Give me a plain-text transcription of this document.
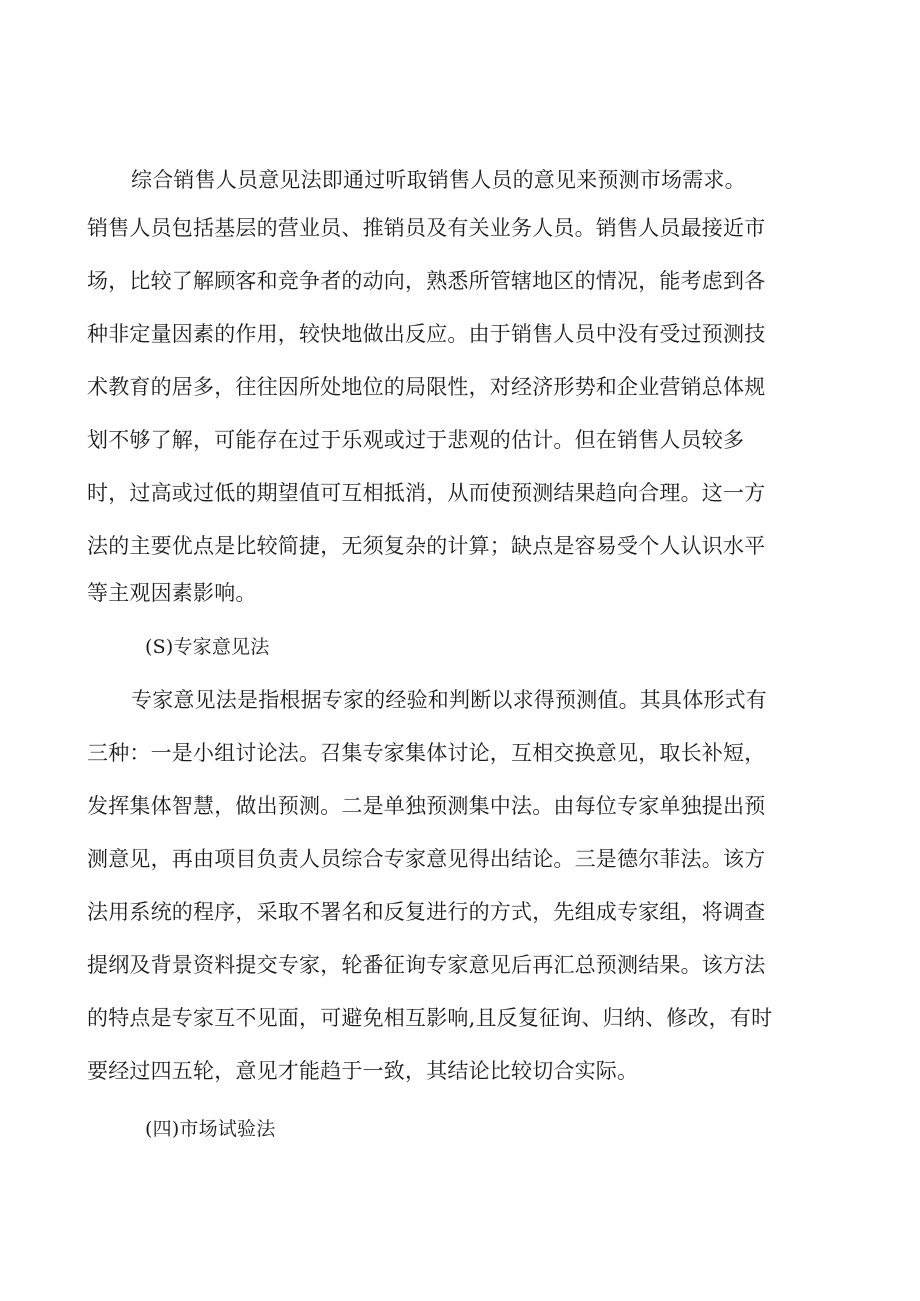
综合销售人员意见法即通过听取销售人员的意见来预测市场需求。
销售人员包括基层的营业员、推销员及有关业务人员。销售人员最接近市
场，比较了解顾客和竞争者的动向，熟悉所管辖地区的情况，能考虑到各
种非定量因素的作用，较快地做出反应。由于销售人员中没有受过预测技
术教育的居多，往往因所处地位的局限性，对经济形势和企业营销总体规
划不够了解，可能存在过于乐观或过于悲观的估计。但在销售人员较多
时，过高或过低的期望值可互相抵消，从而使预测结果趋向合理。这一方
法的主要优点是比较简捷，无须复杂的计算；缺点是容易受个人认识水平
等主观因素影响。
(S)专家意见法
专家意见法是指根据专家的经验和判断以求得预测值。其具体形式有
三种：一是小组讨论法。召集专家集体讨论，互相交换意见，取长补短，
发挥集体智慧，做出预测。二是单独预测集中法。由每位专家单独提出预
测意见，再由项目负责人员综合专家意见得出结论。三是德尔菲法。该方
法用系统的程序，采取不署名和反复进行的方式，先组成专家组，将调查
提纲及背景资料提交专家，轮番征询专家意见后再汇总预测结果。该方法
的特点是专家互不见面，可避免相互影响,且反复征询、归纳、修改，有时
要经过四五轮，意见才能趋于一致，其结论比较切合实际。
(四)市场试验法
